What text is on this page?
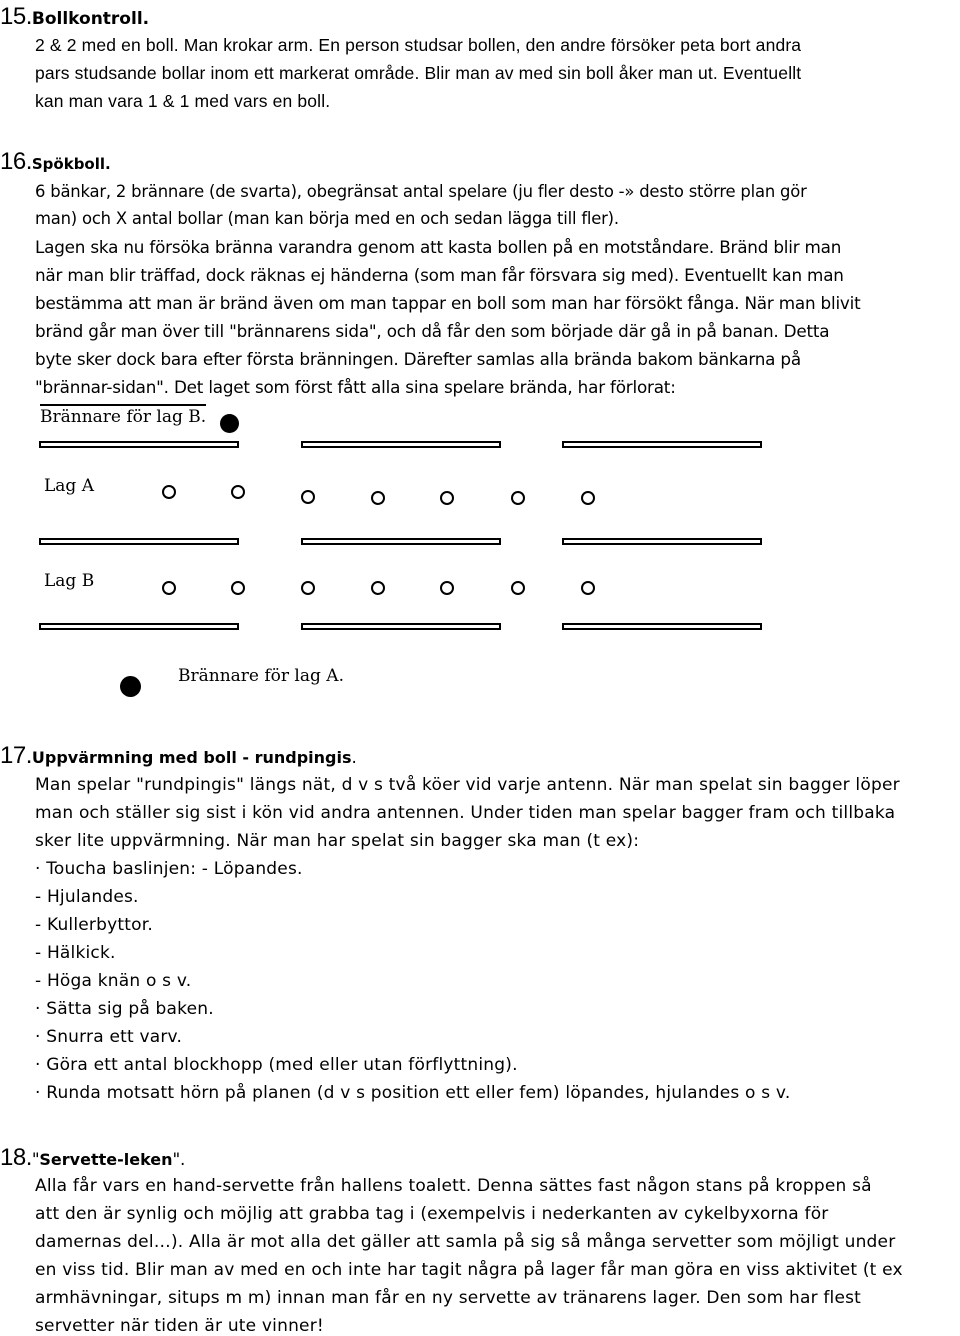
15.Bollkontroll.
2 & 2 med en boll. Man krokar arm. En person studsar bollen, den andre försöker peta bort andra
pars studsande bollar inom ett markerat område. Blir man av med sin boll åker man ut. Eventuellt
kan man vara 1 & 1 med vars en boll.
16.Spökboll.
6 bänkar, 2 brännare (de svarta), obegränsat antal spelare (ju fler desto -» desto större plan gör
man) och X antal bollar (man kan börja med en och sedan lägga till fler).
Lagen ska nu försöka bränna varandra genom att kasta bollen på en motståndare. Bränd blir man
när man blir träffad, dock räknas ej händerna (som man får försvara sig med). Eventuellt kan man
bestämma att man är bränd även om man tappar en boll som man har försökt fånga. När man blivit
bränd går man över till "brännarens sida", och då får den som började där gå in på banan. Detta
byte sker dock bara efter första bränningen. Därefter samlas alla brända bakom bänkarna på
"brännar-sidan". Det laget som först fått alla sina spelare brända, har förlorat:
Brännare för lag B.
Lag A
Lag B
Brännare för lag A.
17.Uppvärmning med boll - rundpingis.
Man spelar "rundpingis" längs nät, d v s två köer vid varje antenn. När man spelat sin bagger löper
man och ställer sig sist i kön vid andra antennen. Under tiden man spelar bagger fram och tillbaka
sker lite uppvärmning. När man har spelat sin bagger ska man (t ex):
· Toucha baslinjen: - Löpandes.
- Hjulandes.
- Kullerbyttor.
- Hälkick.
- Höga knän o s v.
· Sätta sig på baken.
· Snurra ett varv.
· Göra ett antal blockhopp (med eller utan förflyttning).
· Runda motsatt hörn på planen (d v s position ett eller fem) löpandes, hjulandes o s v.
18."Servette-leken".
Alla får vars en hand-servette från hallens toalett. Denna sättes fast någon stans på kroppen så
att den är synlig och möjlig att grabba tag i (exempelvis i nederkanten av cykelbyxorna för
damernas del…). Alla är mot alla det gäller att samla på sig så många servetter som möjligt under
en viss tid. Blir man av med en och inte har tagit några på lager får man göra en viss aktivitet (t ex
armhävningar, situps m m) innan man får en ny servette av tränarens lager. Den som har flest
servetter när tiden är ute vinner!
